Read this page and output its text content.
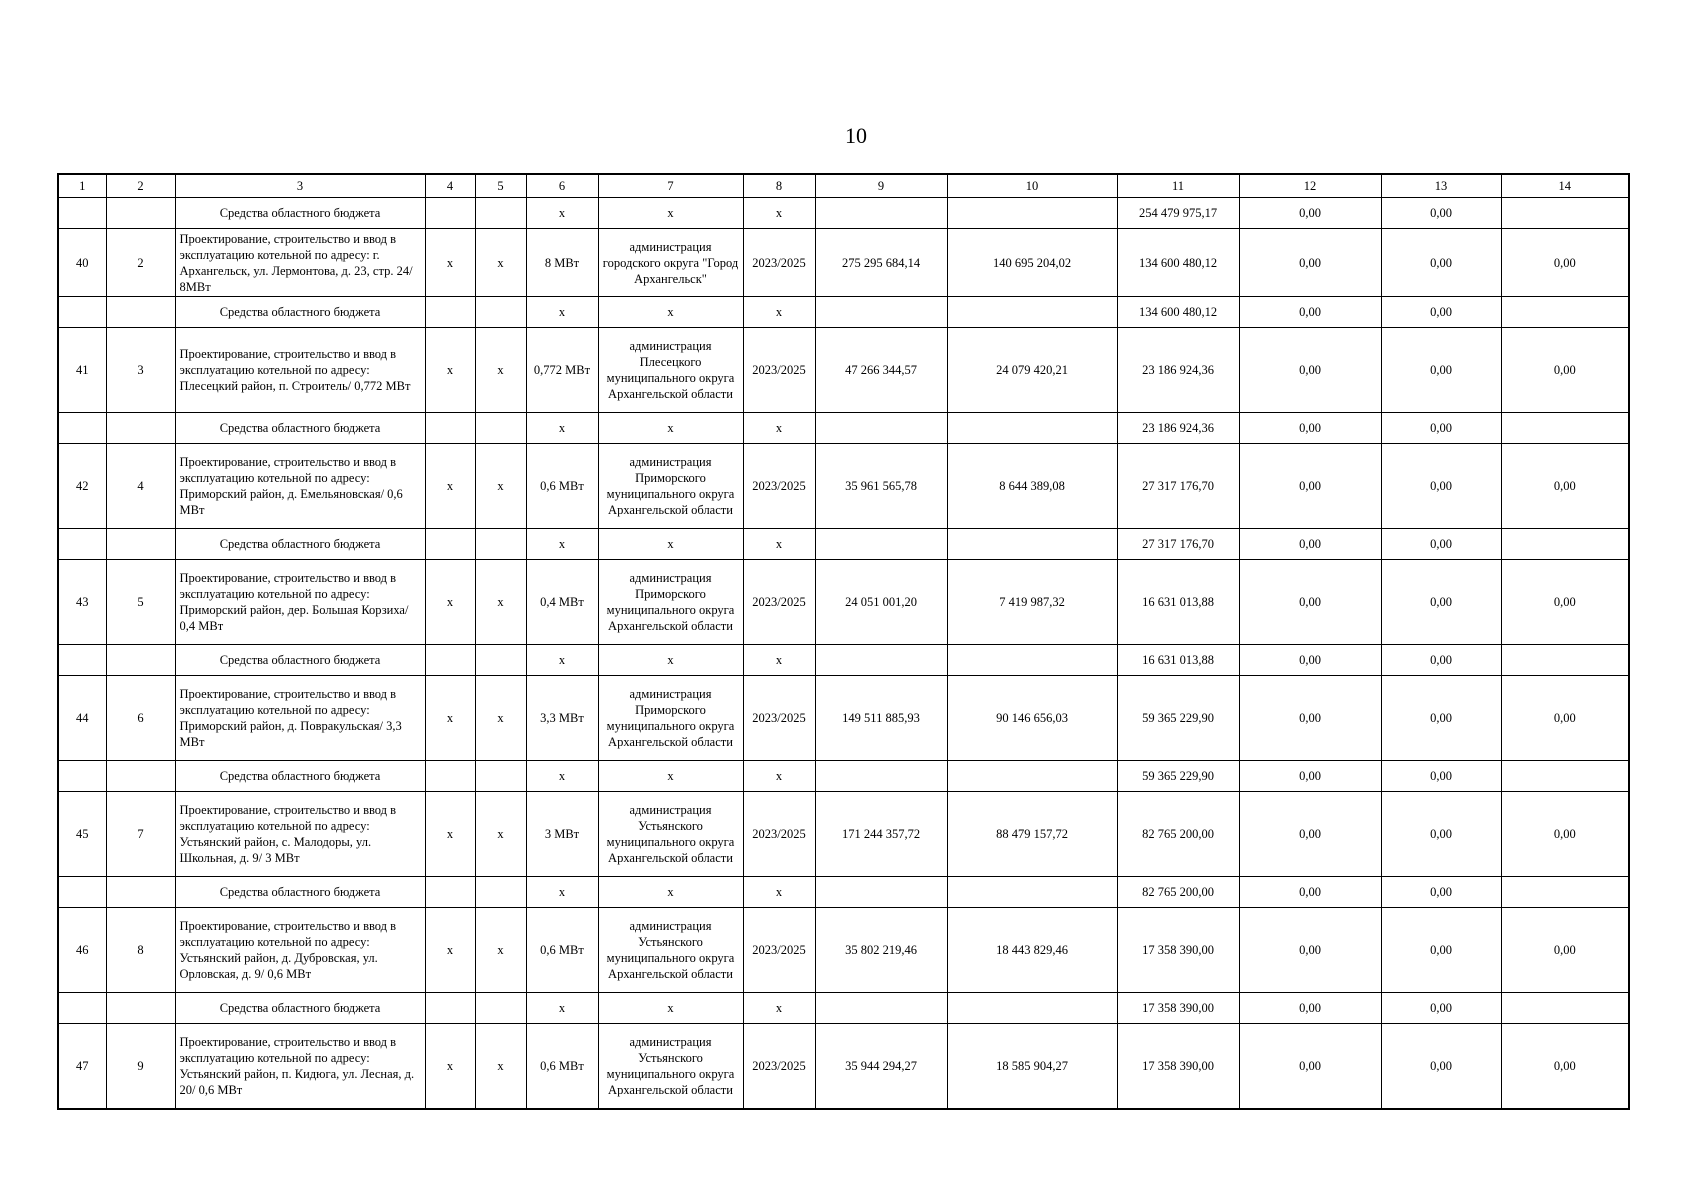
10
1	2	3	4	5	6	7	8	9	10	11	12	13	14
		Средства областного бюджета			х	х	х			254 479 975,17	0,00	0,00	
40	2	Проектирование, строительство и ввод в эксплуатацию котельной по адресу: г. Архангельск, ул. Лермонтова, д. 23, стр. 24/ 8МВт	х	х	8 МВт	администрация городского округа "Город Архангельск"	2023/2025	275 295 684,14	140 695 204,02	134 600 480,12	0,00	0,00	0,00
		Средства областного бюджета			х	х	х			134 600 480,12	0,00	0,00	
41	3	Проектирование, строительство и ввод в эксплуатацию котельной по адресу: Плесецкий район, п. Строитель/ 0,772 МВт	х	х	0,772 МВт	администрация Плесецкого муниципального округа Архангельской области	2023/2025	47 266 344,57	24 079 420,21	23 186 924,36	0,00	0,00	0,00
		Средства областного бюджета			х	х	х			23 186 924,36	0,00	0,00	
42	4	Проектирование, строительство и ввод в эксплуатацию котельной по адресу: Приморский район, д. Емельяновская/ 0,6 МВт	х	х	0,6 МВт	администрация Приморского муниципального округа Архангельской области	2023/2025	35 961 565,78	8 644 389,08	27 317 176,70	0,00	0,00	0,00
		Средства областного бюджета			х	х	х			27 317 176,70	0,00	0,00	
43	5	Проектирование, строительство и ввод в эксплуатацию котельной по адресу: Приморский район, дер. Большая Корзиха/ 0,4 МВт	х	х	0,4 МВт	администрация Приморского муниципального округа Архангельской области	2023/2025	24 051 001,20	7 419 987,32	16 631 013,88	0,00	0,00	0,00
		Средства областного бюджета			х	х	х			16 631 013,88	0,00	0,00	
44	6	Проектирование, строительство и ввод в эксплуатацию котельной по адресу: Приморский район, д. Повракульская/ 3,3 МВт	х	х	3,3 МВт	администрация Приморского муниципального округа Архангельской области	2023/2025	149 511 885,93	90 146 656,03	59 365 229,90	0,00	0,00	0,00
		Средства областного бюджета			х	х	х			59 365 229,90	0,00	0,00	
45	7	Проектирование, строительство и ввод в эксплуатацию котельной по адресу: Устьянский район, с. Малодоры, ул. Школьная, д. 9/ 3 МВт	х	х	3 МВт	администрация Устьянского муниципального округа Архангельской области	2023/2025	171 244 357,72	88 479 157,72	82 765 200,00	0,00	0,00	0,00
		Средства областного бюджета			х	х	х			82 765 200,00	0,00	0,00	
46	8	Проектирование, строительство и ввод в эксплуатацию котельной по адресу: Устьянский район, д. Дубровская, ул. Орловская, д. 9/ 0,6 МВт	х	х	0,6 МВт	администрация Устьянского муниципального округа Архангельской области	2023/2025	35 802 219,46	18 443 829,46	17 358 390,00	0,00	0,00	0,00
		Средства областного бюджета			х	х	х			17 358 390,00	0,00	0,00	
47	9	Проектирование, строительство и ввод в эксплуатацию котельной по адресу: Устьянский район, п. Кидюга, ул. Лесная, д. 20/ 0,6 МВт	х	х	0,6 МВт	администрация Устьянского муниципального округа Архангельской области	2023/2025	35 944 294,27	18 585 904,27	17 358 390,00	0,00	0,00	0,00
